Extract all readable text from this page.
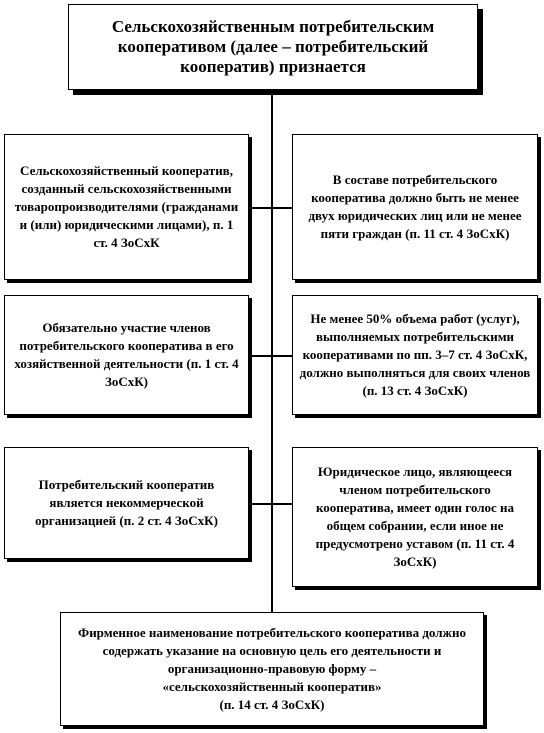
Сельскохозяйственным потребительским кооперативом (далее – потребительский кооператив) признается
Сельскохозяйственный кооператив, созданный сельскохозяйственными товаропроизводителями (гражданами и (или) юридическими лицами), п. 1 ст. 4 ЗоСхК
Обязательно участие членов потребительского кооператива в его хозяйственной деятельности (п. 1 ст. 4 ЗоСхК)
Потребительский кооператив является некоммерческой организацией (п. 2 ст. 4 ЗоСхК)
В составе потребительского кооператива должно быть не менее двух юридических лиц или не менее пяти граждан (п. 11 ст. 4 ЗоСхК)
Не менее 50% объема работ (услуг), выполняемых потребительскими кооперативами по пп. 3–7 ст. 4 ЗоСхК, должно выполняться для своих членов (п. 13 ст. 4 ЗоСхК)
Юридическое лицо, являющееся членом потребительского кооператива, имеет один голос на общем собрании, если иное не предусмотрено уставом (п. 11 ст. 4 ЗоСхК)
Фирменное наименование потребительского кооператива должно содержать указание на основную цель его деятельности и организационно-правовую форму –
«сельскохозяйственный кооператив»
(п. 14 ст. 4 ЗоСхК)
